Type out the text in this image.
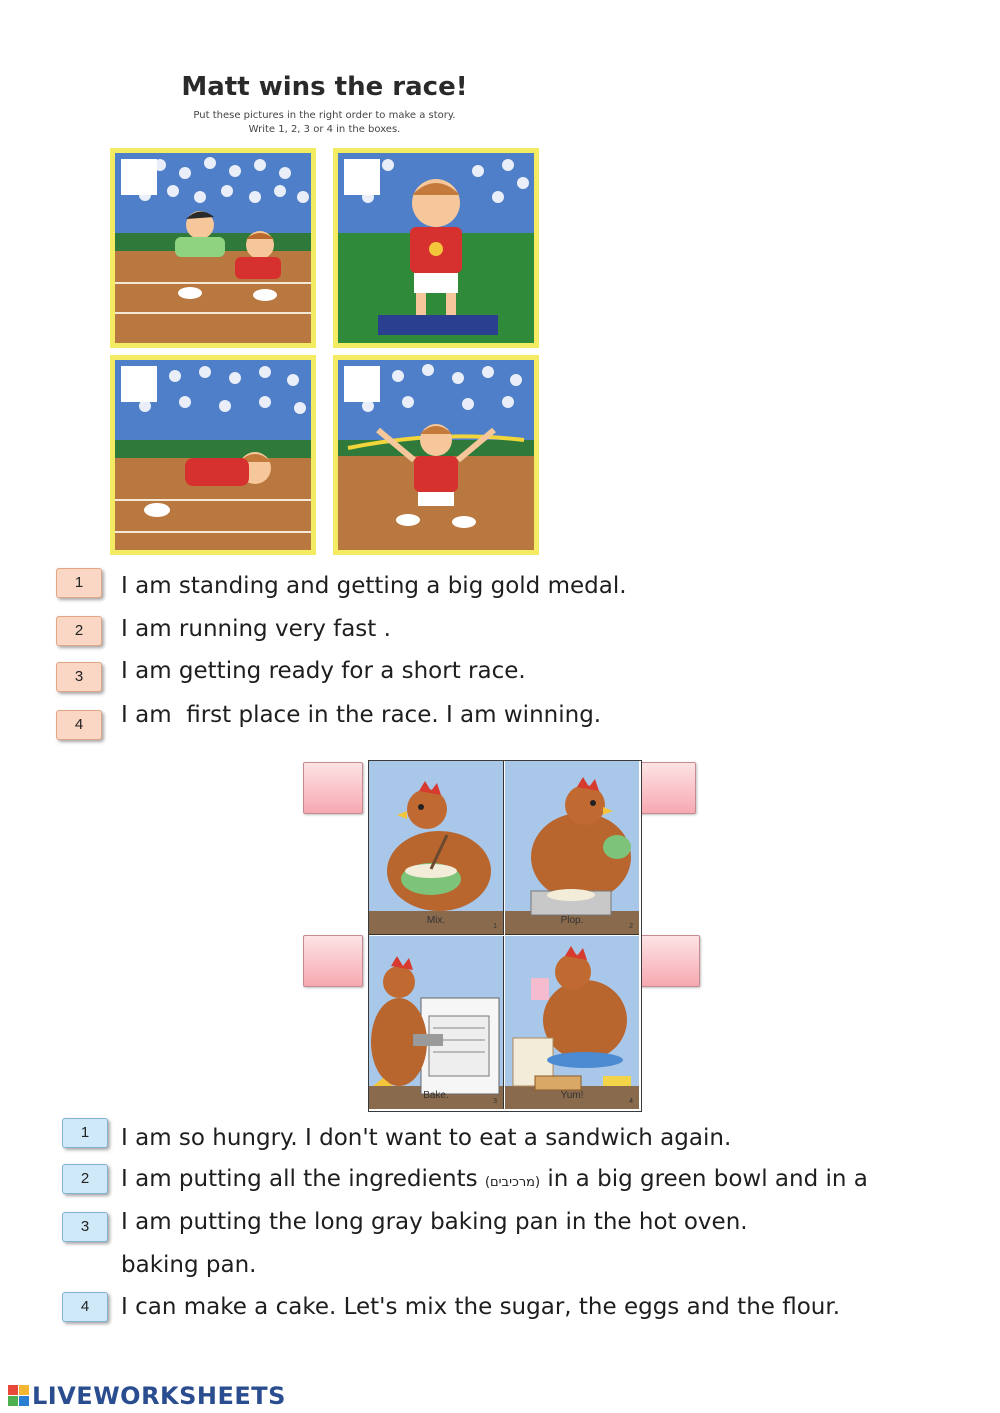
Matt wins the race!
Put these pictures in the right order to make a story.
Write 1, 2, 3 or 4 in the boxes.
1	I am standing and getting a big gold medal.
2	I am running very fast .
3	I am getting ready for a short race.
4	I am  first place in the race. I am winning.
Mix.
1
Plop.
2
Bake.
3
Yum!
4
1	I am so hungry. I don't want to eat a sandwich again.
2	I am putting all the ingredients (מרכיבים) in a big green bowl and in a
3	I am putting the long gray baking pan in the hot oven.
baking pan.
4	I can make a cake. Let's mix the sugar, the eggs and the flour.
LIVEWORKSHEETS
